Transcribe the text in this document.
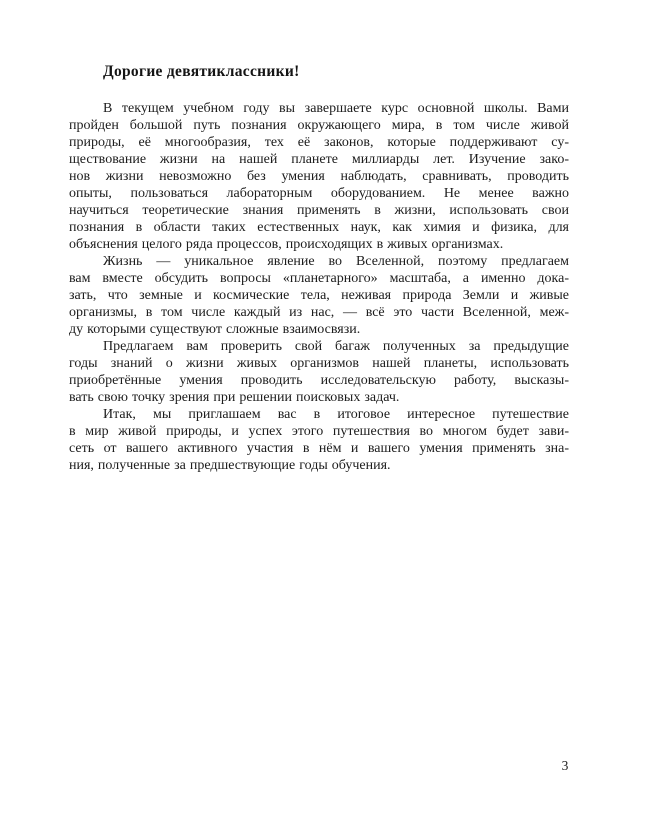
Дорогие девятиклассники!
В текущем учебном году вы завершаете курс основной школы. Вами
пройден большой путь познания окружающего мира, в том числе живой
природы, её многообразия, тех её законов, которые поддерживают су-
ществование жизни на нашей планете миллиарды лет. Изучение зако-
нов жизни невозможно без умения наблюдать, сравнивать, проводить
опыты, пользоваться лабораторным оборудованием. Не менее важно
научиться теоретические знания применять в жизни, использовать свои
познания в области таких естественных наук, как химия и физика, для
объяснения целого ряда процессов, происходящих в живых организмах.
Жизнь — уникальное явление во Вселенной, поэтому предлагаем
вам вместе обсудить вопросы «планетарного» масштаба, а именно дока-
зать, что земные и космические тела, неживая природа Земли и живые
организмы, в том числе каждый из нас, — всё это части Вселенной, меж-
ду которыми существуют сложные взаимосвязи.
Предлагаем вам проверить свой багаж полученных за предыдущие
годы знаний о жизни живых организмов нашей планеты, использовать
приобретённые умения проводить исследовательскую работу, высказы-
вать свою точку зрения при решении поисковых задач.
Итак, мы приглашаем вас в итоговое интересное путешествие
в мир живой природы, и успех этого путешествия во многом будет зави-
сеть от вашего активного участия в нём и вашего умения применять зна-
ния, полученные за предшествующие годы обучения.
3
